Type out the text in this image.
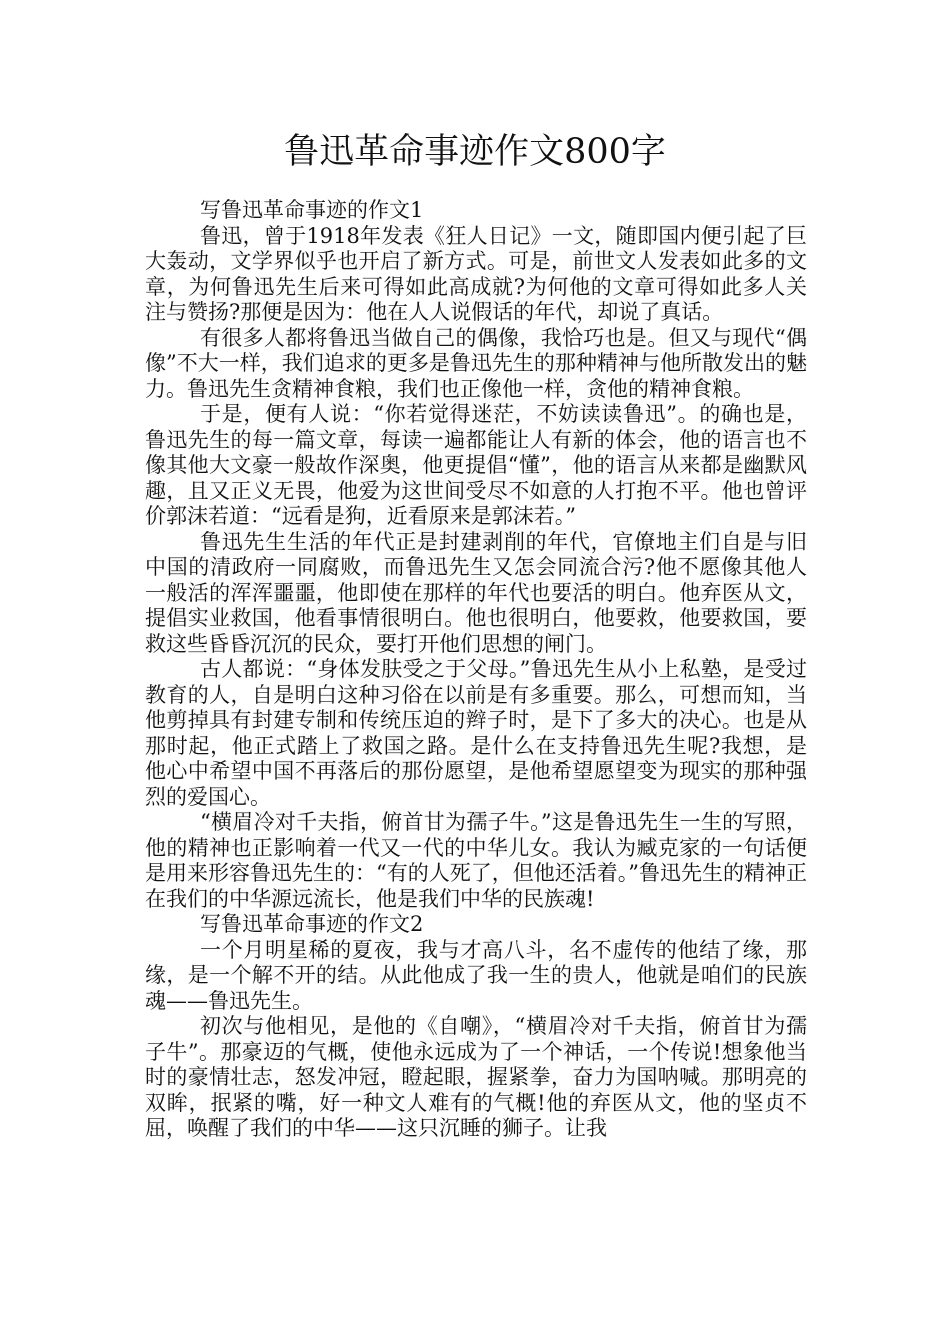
鲁迅革命事迹作文800字

写鲁迅革命事迹的作文1

鲁迅，曾于1918年发表《狂人日记》一文，随即国内便引起了巨大轰动，文学界似乎也开启了新方式。可是，前世文人发表如此多的文章，为何鲁迅先生后来可得如此高成就?为何他的文章可得如此多人关注与赞扬?那便是因为：他在人人说假话的年代，却说了真话。

有很多人都将鲁迅当做自己的偶像，我恰巧也是。但又与现代“偶像”不大一样，我们追求的更多是鲁迅先生的那种精神与他所散发出的魅力。鲁迅先生贪精神食粮，我们也正像他一样，贪他的精神食粮。

于是，便有人说：“你若觉得迷茫，不妨读读鲁迅”。的确也是，鲁迅先生的每一篇文章，每读一遍都能让人有新的体会，他的语言也不像其他大文豪一般故作深奥，他更提倡“懂”，他的语言从来都是幽默风趣，且又正义无畏，他爱为这世间受尽不如意的人打抱不平。他也曾评价郭沫若道：“远看是狗，近看原来是郭沫若。”

鲁迅先生生活的年代正是封建剥削的年代，官僚地主们自是与旧中国的清政府一同腐败，而鲁迅先生又怎会同流合污?他不愿像其他人一般活的浑浑噩噩，他即使在那样的年代也要活的明白。他弃医从文，提倡实业救国，他看事情很明白。他也很明白，他要救，他要救国，要救这些昏昏沉沉的民众，要打开他们思想的闸门。

古人都说：“身体发肤受之于父母。”鲁迅先生从小上私塾，是受过教育的人，自是明白这种习俗在以前是有多重要。那么，可想而知，当他剪掉具有封建专制和传统压迫的辫子时，是下了多大的决心。也是从那时起，他正式踏上了救国之路。是什么在支持鲁迅先生呢?我想，是他心中希望中国不再落后的那份愿望，是他希望愿望变为现实的那种强烈的爱国心。

“横眉冷对千夫指，俯首甘为孺子牛。”这是鲁迅先生一生的写照，他的精神也正影响着一代又一代的中华儿女。我认为臧克家的一句话便是用来形容鲁迅先生的：“有的人死了，但他还活着。”鲁迅先生的精神正在我们的中华源远流长，他是我们中华的民族魂!

写鲁迅革命事迹的作文2

一个月明星稀的夏夜，我与才高八斗，名不虚传的他结了缘，那缘，是一个解不开的结。从此他成了我一生的贵人，他就是咱们的民族魂——鲁迅先生。

初次与他相见，是他的《自嘲》，“横眉冷对千夫指，俯首甘为孺子牛”。那豪迈的气概，使他永远成为了一个神话，一个传说!想象他当时的豪情壮志，怒发冲冠，瞪起眼，握紧拳，奋力为国呐喊。那明亮的双眸，抿紧的嘴，好一种文人难有的气概!他的弃医从文，他的坚贞不屈，唤醒了我们的中华——这只沉睡的狮子。让我
